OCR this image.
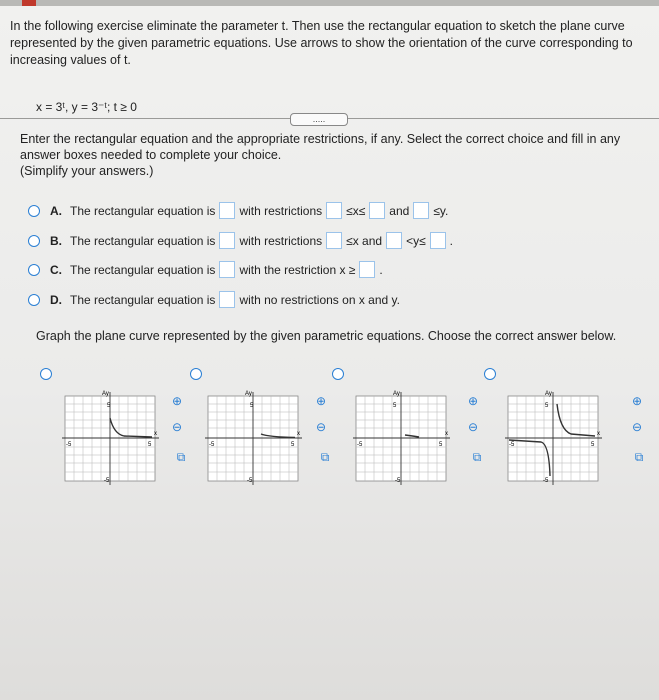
In the following exercise eliminate the parameter t. Then use the rectangular equation to sketch the plane curve represented by the given parametric equations. Use arrows to show the orientation of the curve corresponding to increasing values of t.
x = 3ᵗ, y = 3⁻ᵗ; t ≥ 0
.....
Enter the rectangular equation and the appropriate restrictions, if any. Select the correct choice and fill in any answer boxes needed to complete your choice.
(Simplify your answers.)
A. The rectangular equation is with restrictions ≤x≤ and ≤y.
B. The rectangular equation is with restrictions ≤x and <y≤ .
C. The rectangular equation is with the restriction x ≥ .
D. The rectangular equation is with no restrictions on x and y.
Graph the plane curve represented by the given parametric equations. Choose the correct answer below.
Ay
x
5
5
-5
-5
⊕
⊖
⧉
Ay
x
5
5
-5
-5
⊕
⊖
⧉
Ay
x
5
5
-5
-5
⊕
⊖
⧉
Ay
x
5
5
-5
-5
⊕
⊖
⧉
